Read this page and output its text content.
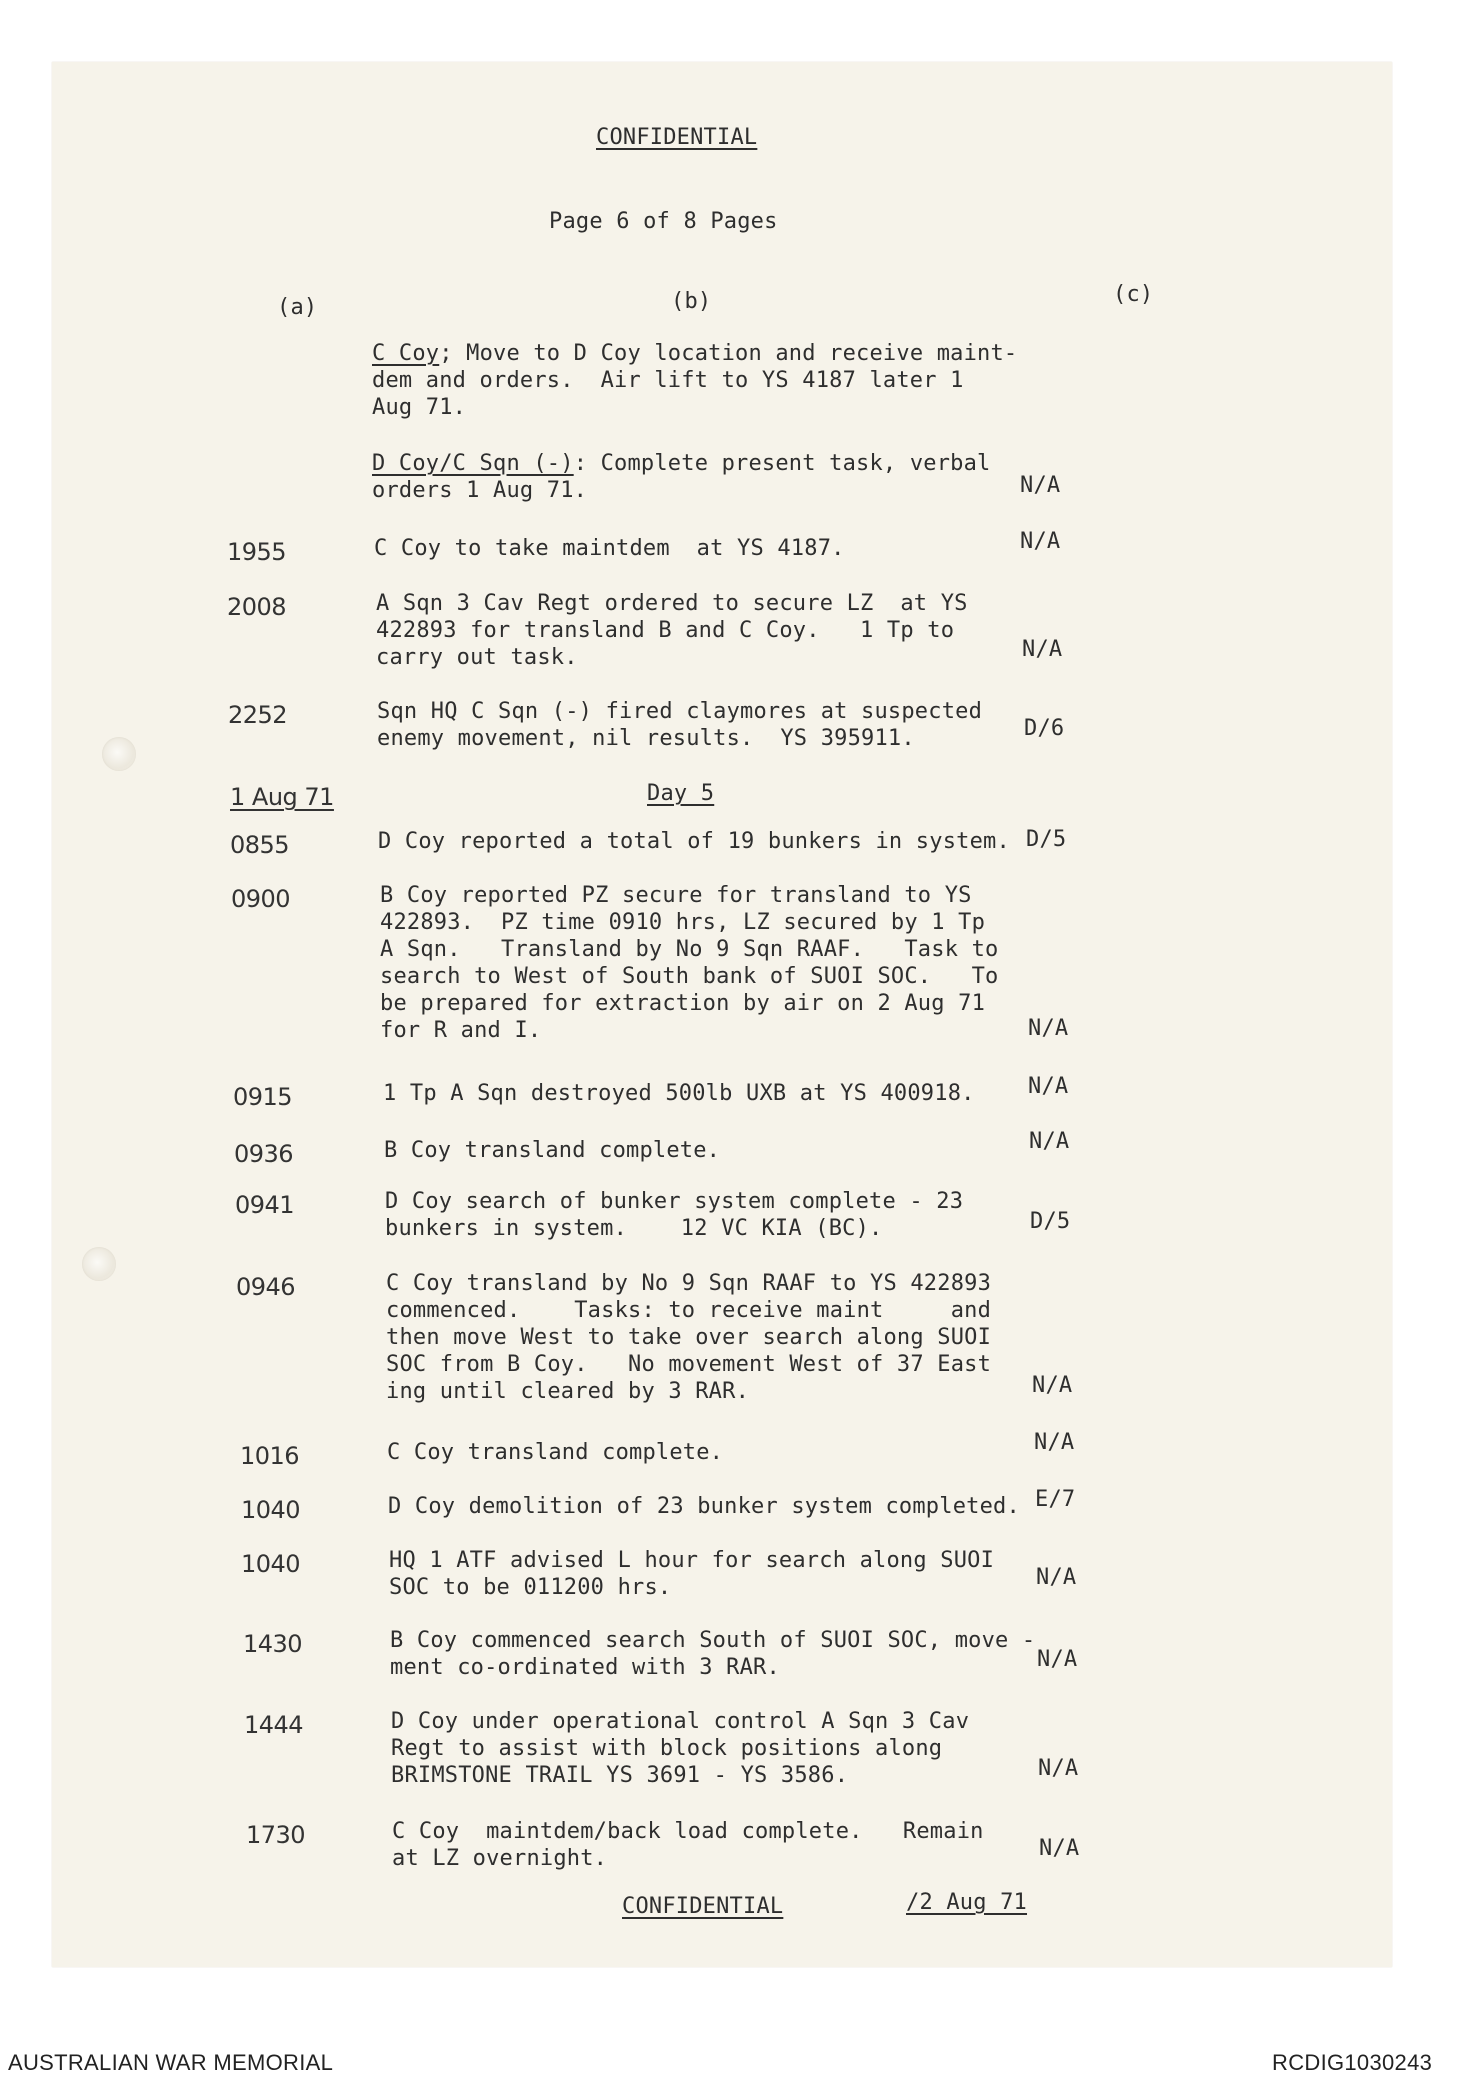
CONFIDENTIAL
Page 6 of 8 Pages
(a)	(b)	(c)
C Coy; Move to D Coy location and receive maint-
dem and orders.  Air lift to YS 4187 later 1
Aug 71.
D Coy/C Sqn (-): Complete present task, verbal
orders 1 Aug 71.	N/A
1955	C Coy to take maintdem  at YS 4187.	N/A
2008	A Sqn 3 Cav Regt ordered to secure LZ  at YS
422893 for transland B and C Coy.   1 Tp to
carry out task.	N/A
2252	Sqn HQ C Sqn (-) fired claymores at suspected
enemy movement, nil results.  YS 395911.	D/6
1 Aug 71	Day 5
0855	D Coy reported a total of 19 bunkers in system. D/5
0900	B Coy reported PZ secure for transland to YS
422893.  PZ time 0910 hrs, LZ secured by 1 Tp
A Sqn.   Transland by No 9 Sqn RAAF.   Task to
search to West of South bank of SUOI SOC.   To
be prepared for extraction by air on 2 Aug 71
for R and I.	N/A
0915	1 Tp A Sqn destroyed 500lb UXB at YS 400918. N/A
0936	B Coy transland complete.	N/A
0941	D Coy search of bunker system complete - 23
bunkers in system.    12 VC KIA (BC).	D/5
0946	C Coy transland by No 9 Sqn RAAF to YS 422893
commenced.    Tasks: to receive maint     and
then move West to take over search along SUOI
SOC from B Coy.   No movement West of 37 East
ing until cleared by 3 RAR.	N/A
1016	C Coy transland complete.	N/A
1040	D Coy demolition of 23 bunker system completed. E/7
1040	HQ 1 ATF advised L hour for search along SUOI
SOC to be 011200 hrs.	N/A
1430	B Coy commenced search South of SUOI SOC, move -
ment co-ordinated with 3 RAR.	N/A
1444	D Coy under operational control A Sqn 3 Cav
Regt to assist with block positions along
BRIMSTONE TRAIL YS 3691 - YS 3586.	N/A
1730	C Coy  maintdem/back load complete.   Remain
at LZ overnight.	N/A
CONFIDENTIAL	/2 Aug 71
AUSTRALIAN WAR MEMORIAL	RCDIG1030243
